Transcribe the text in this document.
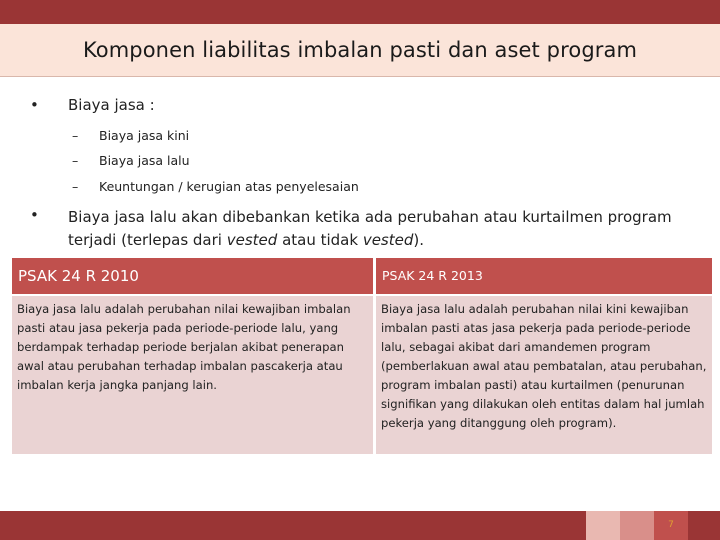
Komponen liabilitas imbalan pasti dan aset program
• Biaya jasa :
– Biaya jasa kini
– Biaya jasa lalu
– Keuntungan / kerugian atas penyelesaian
• Biaya jasa lalu akan dibebankan ketika ada perubahan atau kurtailmen program terjadi (terlepas dari vested atau tidak vested).
PSAK 24 R 2010	PSAK 24 R 2013
Biaya jasa lalu adalah perubahan nilai kewajiban imbalan pasti atau jasa pekerja pada periode-periode lalu, yang berdampak terhadap periode berjalan akibat penerapan awal atau perubahan terhadap imbalan pascakerja atau imbalan kerja jangka panjang lain.
Biaya jasa lalu adalah perubahan nilai kini kewajiban imbalan pasti atas jasa pekerja pada periode-periode lalu, sebagai akibat dari amandemen program (pemberlakuan awal atau pembatalan, atau perubahan, program imbalan pasti) atau kurtailmen (penurunan signifikan yang dilakukan oleh entitas dalam hal jumlah pekerja yang ditanggung oleh program).
7
